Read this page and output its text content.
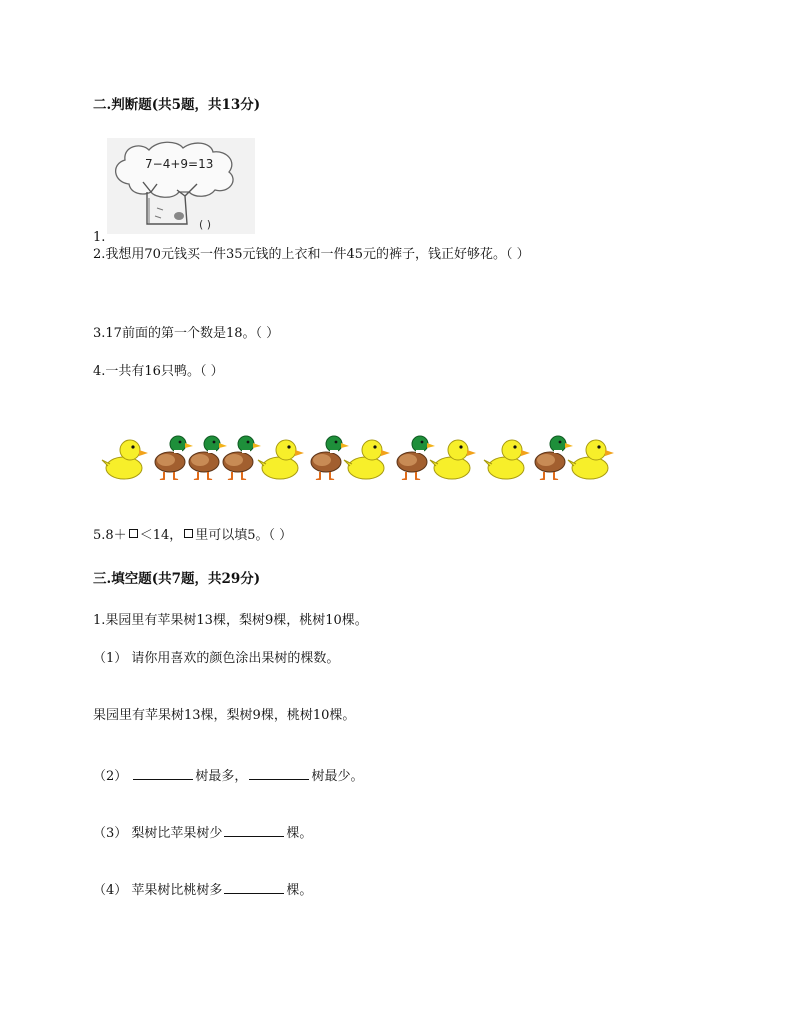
二.判断题(共5题，共13分)
7−4+9=13
( )
1.
2.我想用70元钱买一件35元钱的上衣和一件45元的裤子，钱正好够花。（ ）
3.17前面的第一个数是18。（ ）
4.一共有16只鸭。（ ）
5.8＋ ＜14， 里可以填5。（ ）
三.填空题(共7题，共29分)
1.果园里有苹果树13棵，梨树9棵，桃树10棵。
（1） 请你用喜欢的颜色涂出果树的棵数。
果园里有苹果树13棵，梨树9棵，桃树10棵。
（2）	树最多，	树最少。
（3） 梨树比苹果树少	棵。
（4） 苹果树比桃树多	棵。
